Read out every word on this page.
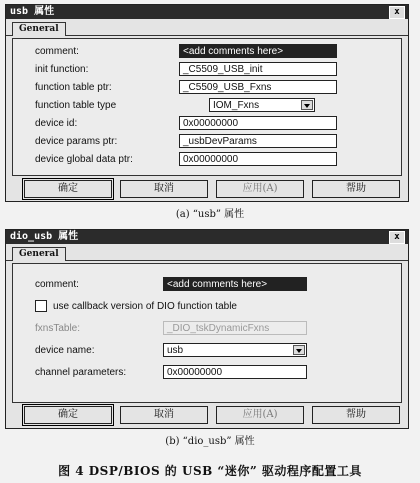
usb 属性	x
General
comment:	<add comments here>
init function:	_C5509_USB_init
function table ptr:	_C5509_USB_Fxns
function table type	IOM_Fxns
device id:	0x00000000
device params ptr:	_usbDevParams
device global data ptr:	0x00000000
确定	取消	应用(A)	帮助
(a) “usb” 属性
dio_usb 属性	x
General
comment:	<add comments here>
use callback version of DIO function table
fxnsTable:	_DIO_tskDynamicFxns
device name:	usb
channel parameters:	0x00000000
确定	取消	应用(A)	帮助
(b) “dio_usb” 属性
图 4 DSP/BIOS 的 USB “迷你” 驱动程序配置工具
